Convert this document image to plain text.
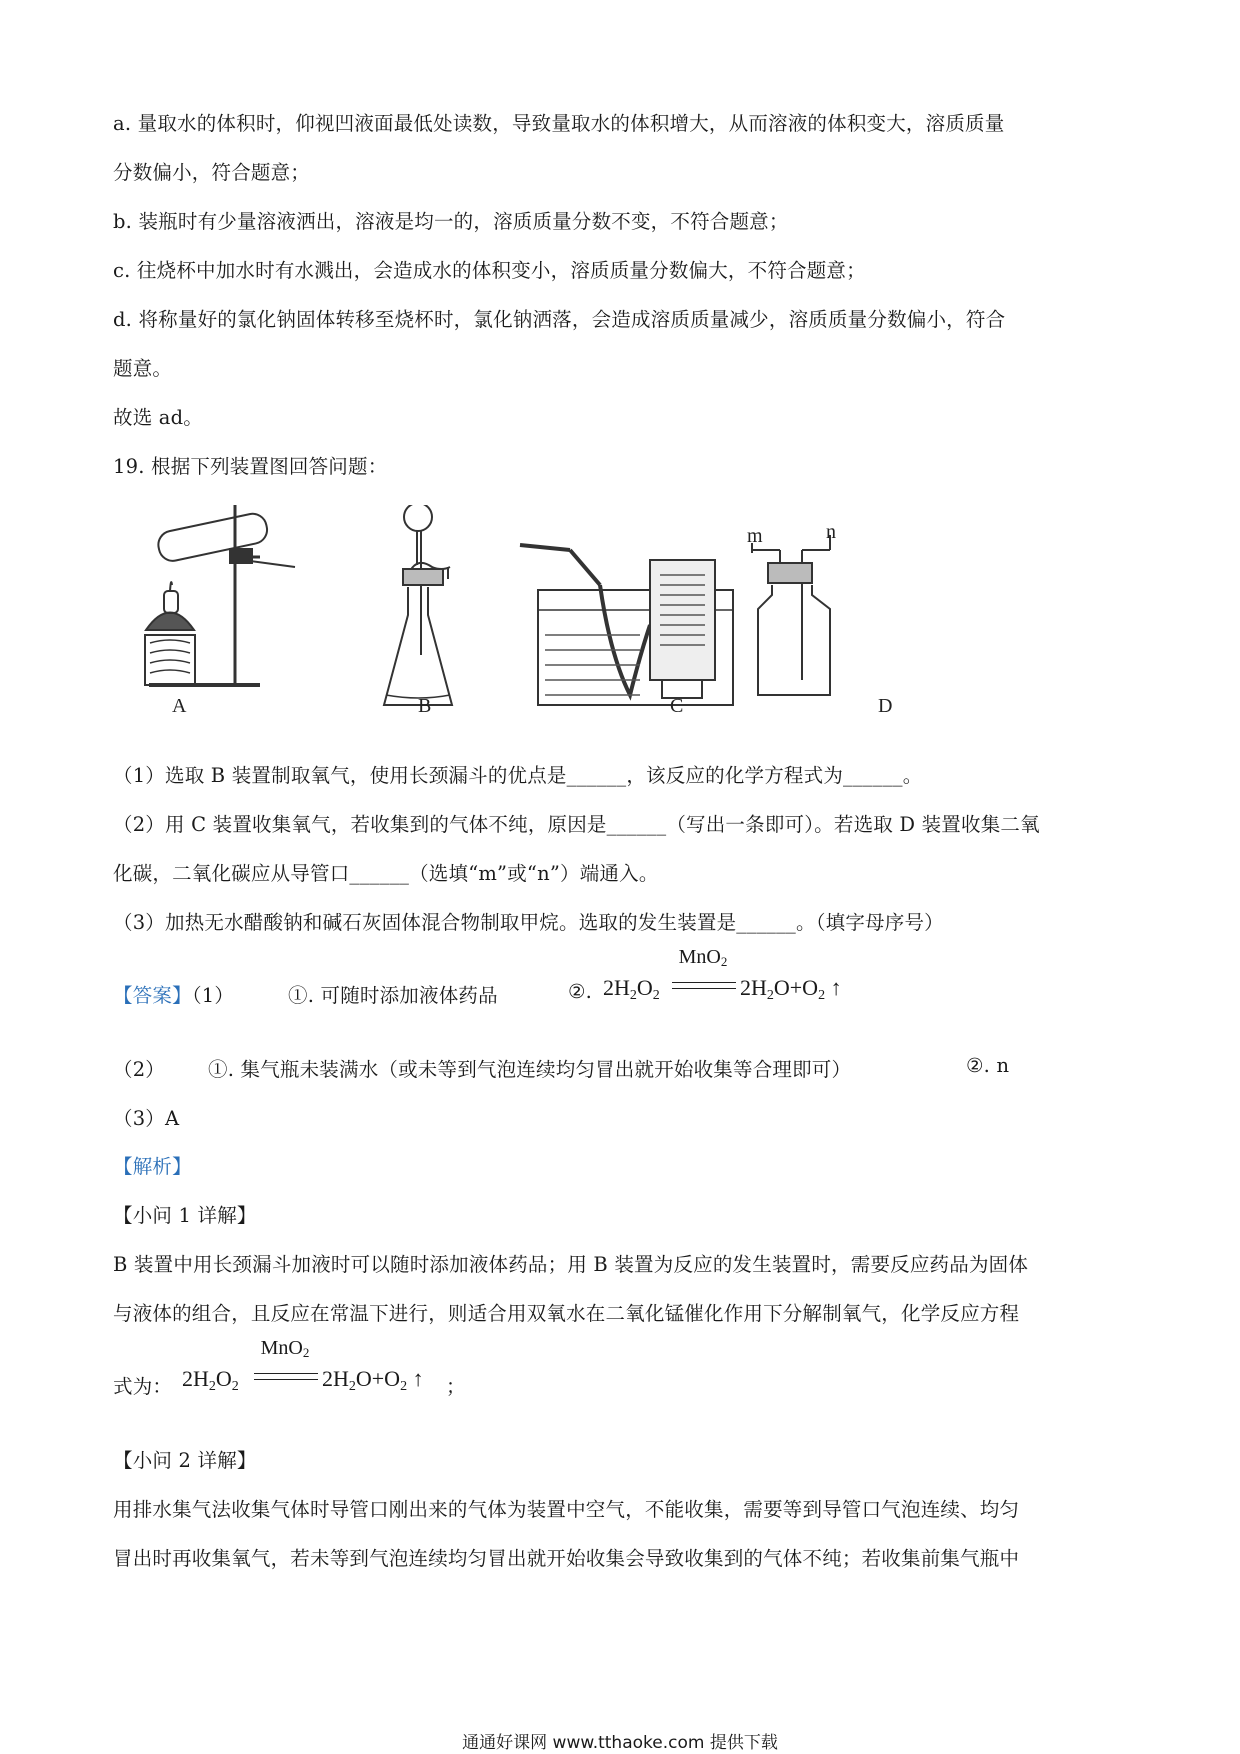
a. 量取水的体积时，仰视凹液面最低处读数，导致量取水的体积增大，从而溶液的体积变大，溶质质量
分数偏小，符合题意；
b. 装瓶时有少量溶液洒出，溶液是均一的，溶质质量分数不变，不符合题意；
c. 往烧杯中加水时有水溅出，会造成水的体积变小，溶质质量分数偏大，不符合题意；
d. 将称量好的氯化钠固体转移至烧杯时，氯化钠洒落，会造成溶质质量减少，溶质质量分数偏小，符合
题意。
故选 ad。
19. 根据下列装置图回答问题：
A	B	C	D
m	n
（1）选取 B 装置制取氧气，使用长颈漏斗的优点是______，该反应的化学方程式为______。
（2）用 C 装置收集氧气，若收集到的气体不纯，原因是______（写出一条即可）。若选取 D 装置收集二氧
化碳，二氧化碳应从导管口______（选填“m”或“n”）端通入。
（3）加热无水醋酸钠和碱石灰固体混合物制取甲烷。选取的发生装置是______。（填字母序号）
【答案】（1）	①. 可随时添加液体药品	②. $2H_2O_2$
MnO$_2$
$2H_2O+O_2$ ↑
（2） ①. 集气瓶未装满水（或未等到气泡连续均匀冒出就开始收集等合理即可）	②. n
（3）A
【解析】
【小问 1 详解】
B 装置中用长颈漏斗加液时可以随时添加液体药品；用 B 装置为反应的发生装置时，需要反应药品为固体
与液体的组合，且反应在常温下进行，则适合用双氧水在二氧化锰催化作用下分解制氧气，化学反应方程
式为： $2H_2O_2$
MnO$_2$
$2H_2O+O_2$ ↑ ；
【小问 2 详解】
用排水集气法收集气体时导管口刚出来的气体为装置中空气，不能收集，需要等到导管口气泡连续、均匀
冒出时再收集氧气，若未等到气泡连续均匀冒出就开始收集会导致收集到的气体不纯；若收集前集气瓶中
通通好课网 www.tthaoke.com 提供下载
